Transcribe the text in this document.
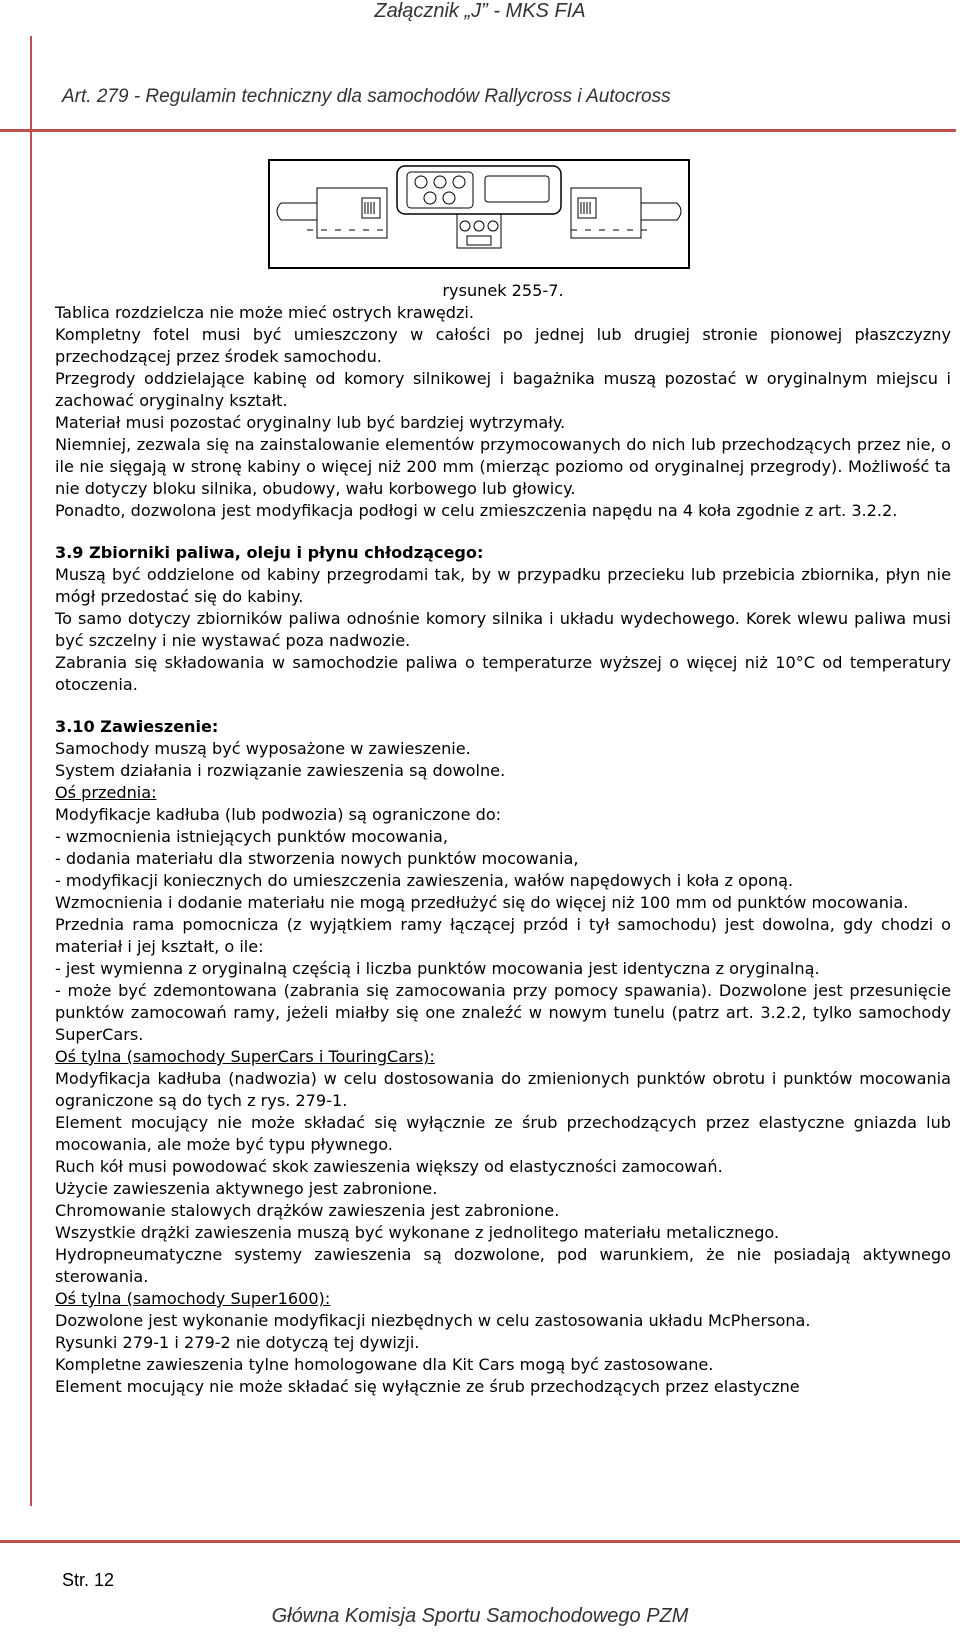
Załącznik „J” - MKS FIA
Art. 279 - Regulamin techniczny dla samochodów Rallycross i Autocross

rysunek 255-7.

Tablica rozdzielcza nie może mieć ostrych krawędzi.

Kompletny fotel musi być umieszczony w całości po jednej lub drugiej stronie pionowej płaszczyzny przechodzącej przez środek samochodu.

Przegrody oddzielające kabinę od komory silnikowej i bagażnika muszą pozostać w oryginalnym miejscu i zachować oryginalny kształt.

Materiał musi pozostać oryginalny lub być bardziej wytrzymały.

Niemniej, zezwala się na zainstalowanie elementów przymocowanych do nich lub przechodzących przez nie, o ile nie sięgają w stronę kabiny o więcej niż 200 mm (mierząc poziomo od oryginalnej przegrody). Możliwość ta nie dotyczy bloku silnika, obudowy, wału korbowego lub głowicy.

Ponadto, dozwolona jest modyfikacja podłogi w celu zmieszczenia napędu na 4 koła zgodnie z art. 3.2.2.

3.9 Zbiorniki paliwa, oleju i płynu chłodzącego:

Muszą być oddzielone od kabiny przegrodami tak, by w przypadku przecieku lub przebicia zbiornika, płyn nie mógł przedostać się do kabiny.

To samo dotyczy zbiorników paliwa odnośnie komory silnika i układu wydechowego. Korek wlewu paliwa musi być szczelny i nie wystawać poza nadwozie.

Zabrania się składowania w samochodzie paliwa o temperaturze wyższej o więcej niż 10°C od temperatury otoczenia.

3.10 Zawieszenie:

Samochody muszą być wyposażone w zawieszenie.

System działania i rozwiązanie zawieszenia są dowolne.

Oś przednia:

Modyfikacje kadłuba (lub podwozia) są ograniczone do:

- wzmocnienia istniejących punktów mocowania,

- dodania materiału dla stworzenia nowych punktów mocowania,

- modyfikacji koniecznych do umieszczenia zawieszenia, wałów napędowych i koła z oponą.

Wzmocnienia i dodanie materiału nie mogą przedłużyć się do więcej niż 100 mm od punktów mocowania.

Przednia rama pomocnicza (z wyjątkiem ramy łączącej przód i tył samochodu) jest dowolna, gdy chodzi o materiał i jej kształt, o ile:

- jest wymienna z oryginalną częścią i liczba punktów mocowania jest identyczna z oryginalną.

- może być zdemontowana (zabrania się zamocowania przy pomocy spawania). Dozwolone jest przesunięcie punktów zamocowań ramy, jeżeli miałby się one znaleźć w nowym tunelu (patrz art. 3.2.2, tylko samochody SuperCars.

Oś tylna (samochody SuperCars i TouringCars):

Modyfikacja kadłuba (nadwozia) w celu dostosowania do zmienionych punktów obrotu i punktów mocowania ograniczone są do tych z rys. 279-1.

Element mocujący nie może składać się wyłącznie ze śrub przechodzących przez elastyczne gniazda lub mocowania, ale może być typu pływnego.

Ruch kół musi powodować skok zawieszenia większy od elastyczności zamocowań.

Użycie zawieszenia aktywnego jest zabronione.

Chromowanie stalowych drążków zawieszenia jest zabronione.

Wszystkie drążki zawieszenia muszą być wykonane z jednolitego materiału metalicznego.

Hydropneumatyczne systemy zawieszenia są dozwolone, pod warunkiem, że nie posiadają aktywnego sterowania.

Oś tylna (samochody Super1600):

Dozwolone jest wykonanie modyfikacji niezbędnych w celu zastosowania układu McPhersona.

Rysunki 279-1 i 279-2 nie dotyczą tej dywizji.

Kompletne zawieszenia tylne homologowane dla Kit Cars mogą być zastosowane.

Element mocujący nie może składać się wyłącznie ze śrub przechodzących przez elastyczne

Str. 12
Główna Komisja Sportu Samochodowego PZM
